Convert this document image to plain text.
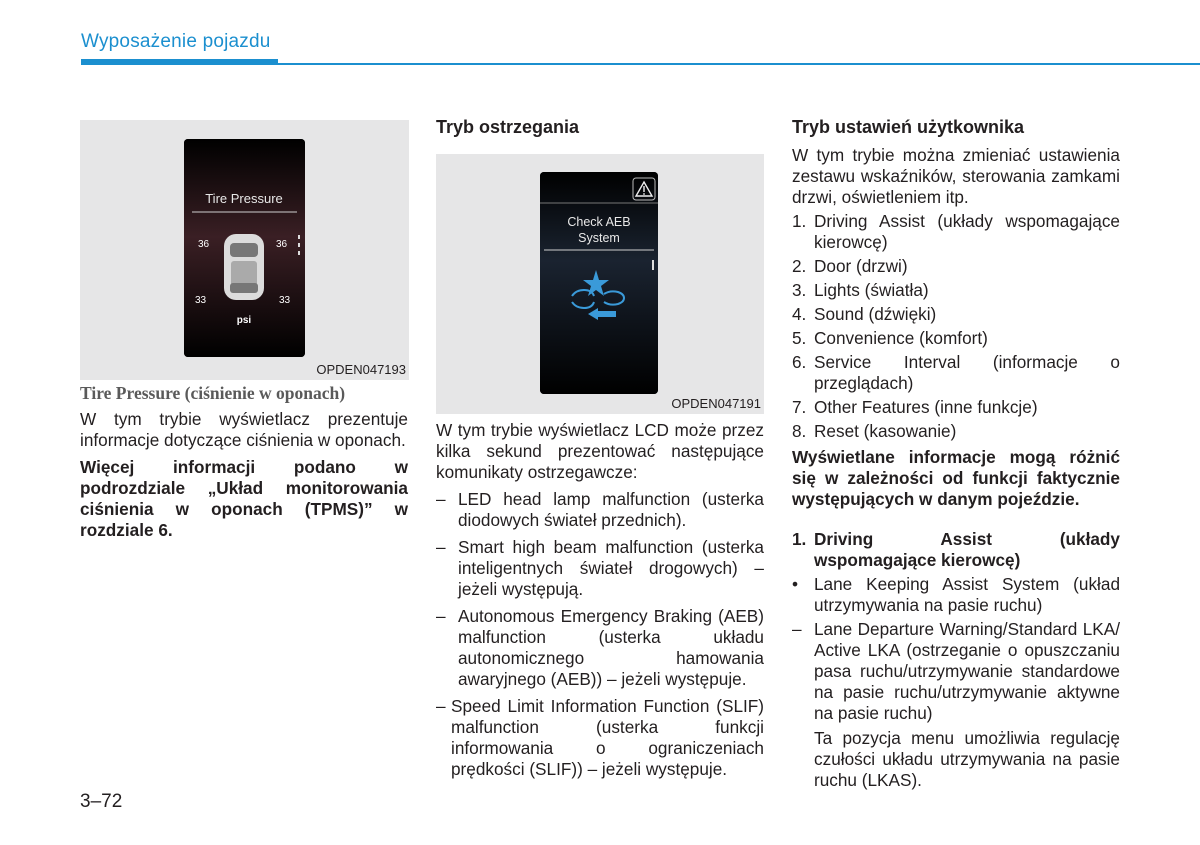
Wyposażenie pojazdu
Tire Pressure
36	36
33	33
psi
OPDEN047193

Tire Pressure (ciśnienie w oponach)

W tym trybie wyświetlacz prezentuje informacje dotyczące ciśnienia w oponach.

Więcej informacji podano w podrozdziale „Układ monitorowania ciśnienia w oponach (TPMS)” w rozdziale 6.

Tryb ostrzegania

Check AEB
System
OPDEN047191

W tym trybie wyświetlacz LCD może przez kilka sekund prezentować następujące komunikaty ostrzegawcze:

– LED head lamp malfunction (usterka diodowych świateł przednich).
– Smart high beam malfunction (usterka inteligentnych świateł drogowych) – jeżeli występują.
– Autonomous Emergency Braking (AEB) malfunction (usterka układu autonomicznego hamowania awaryjnego (AEB)) – jeżeli występuje.
– Speed Limit Information Function (SLIF) malfunction (usterka funkcji informowania o ograniczeniach prędkości (SLIF)) – jeżeli występuje.

Tryb ustawień użytkownika

W tym trybie można zmieniać ustawienia zestawu wskaźników, sterowania zamkami drzwi, oświetleniem itp.

1. Driving Assist (układy wspomagające kierowcę)
2. Door (drzwi)
3. Lights (światła)
4. Sound (dźwięki)
5. Convenience (komfort)
6. Service Interval (informacje o przeglądach)
7. Other Features (inne funkcje)
8. Reset (kasowanie)

Wyświetlane informacje mogą różnić się w zależności od funkcji faktycznie występujących w danym pojeździe.

1. Driving Assist (układy wspomagające kierowcę)
• Lane Keeping Assist System (układ utrzymywania na pasie ruchu)
– Lane Departure Warning/Standard LKA/ Active LKA (ostrzeganie o opuszczaniu pasa ruchu/utrzymywanie standardowe na pasie ruchu/utrzymywanie aktywne na pasie ruchu)

Ta pozycja menu umożliwia regulację czułości układu utrzymywania na pasie ruchu (LKAS).

3–72
